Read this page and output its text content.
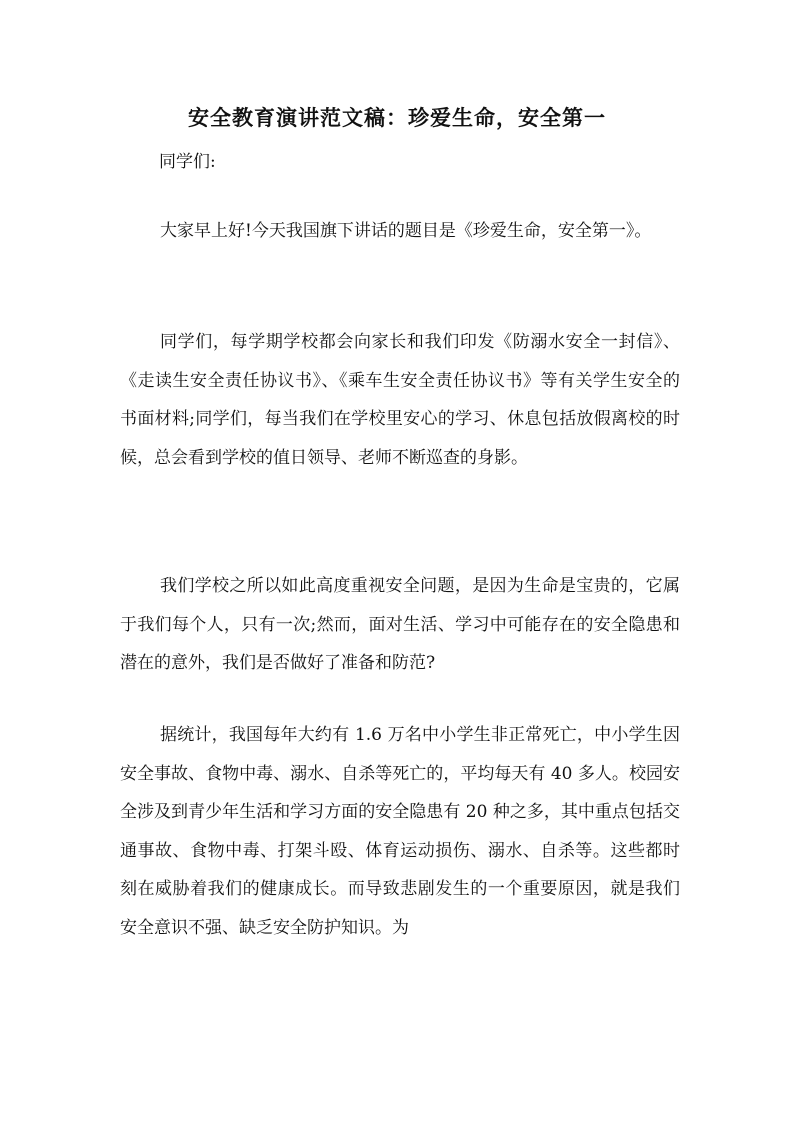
安全教育演讲范文稿：珍爱生命，安全第一
同学们:

大家早上好!今天我国旗下讲话的题目是《珍爱生命，安全第一》。

同学们，每学期学校都会向家长和我们印发《防溺水安全一封信》、《走读生安全责任协议书》、《乘车生安全责任协议书》等有关学生安全的书面材料;同学们，每当我们在学校里安心的学习、休息包括放假离校的时候，总会看到学校的值日领导、老师不断巡查的身影。

我们学校之所以如此高度重视安全问题，是因为生命是宝贵的，它属于我们每个人，只有一次;然而，面对生活、学习中可能存在的安全隐患和潜在的意外，我们是否做好了准备和防范?

据统计，我国每年大约有 1.6 万名中小学生非正常死亡，中小学生因安全事故、食物中毒、溺水、自杀等死亡的，平均每天有 40 多人。校园安全涉及到青少年生活和学习方面的安全隐患有 20 种之多，其中重点包括交通事故、食物中毒、打架斗殴、体育运动损伤、溺水、自杀等。这些都时刻在威胁着我们的健康成长。而导致悲剧发生的一个重要原因，就是我们安全意识不强、缺乏安全防护知识。为
